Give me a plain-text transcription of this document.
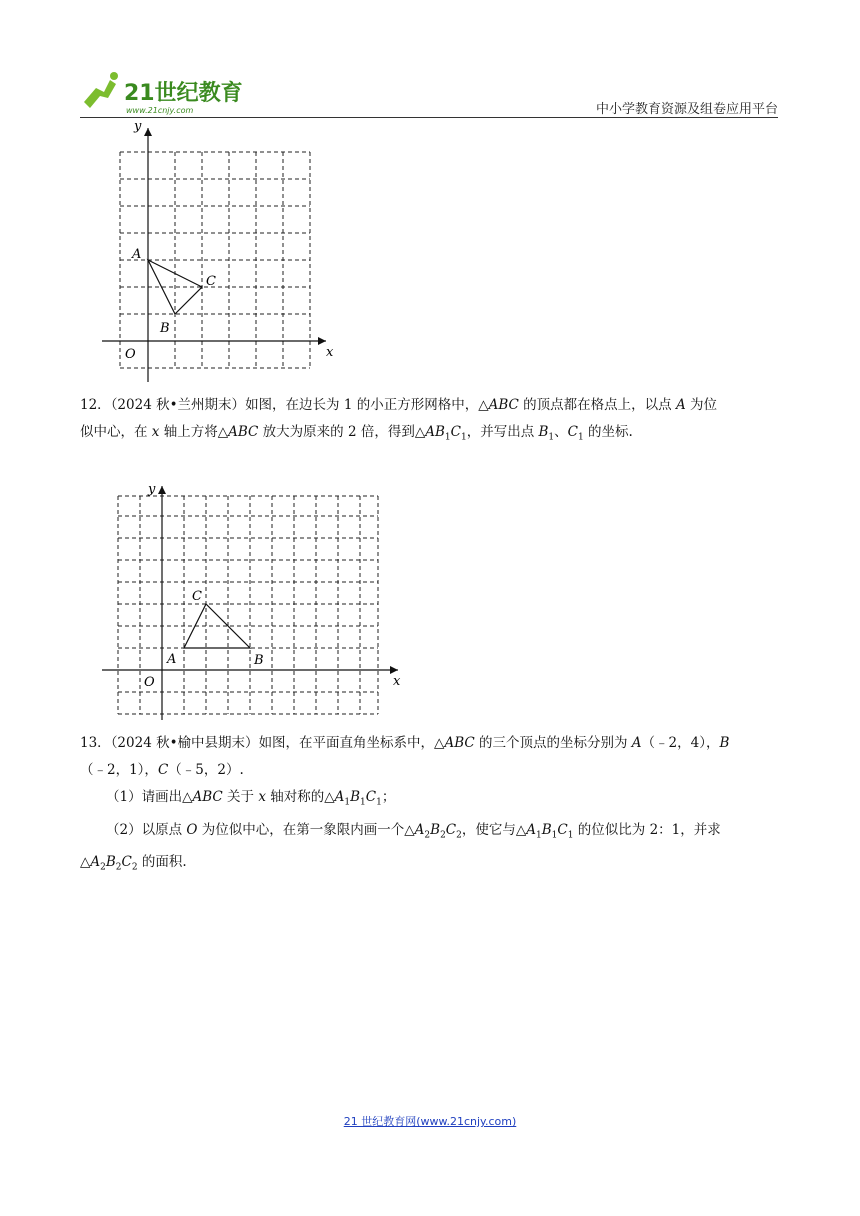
21世纪教育
www.21cnjy.com	中小学教育资源及组卷应用平台
x
y
O
A
B
C

12．（2024 秋•兰州期末）如图，在边长为 1 的小正方形网格中，△ABC 的顶点都在格点上，以点 A 为位

似中心，在 x 轴上方将△ABC 放大为原来的 2 倍，得到$\triangle AB_1C_1$，并写出点 $B_1$、$C_1$ 的坐标.

x
y
O
A	B
C

13．（2024 秋•榆中县期末）如图，在平面直角坐标系中，△ABC 的三个顶点的坐标分别为 A（﹣2，4），B

（﹣2，1），C（﹣5，2）.

（1）请画出△ABC 关于 x 轴对称的$\triangle A_1B_1C_1$；

（2）以原点 O 为位似中心，在第一象限内画一个$\triangle A_2B_2C_2$，使它与$\triangle A_1B_1C_1$ 的位似比为 2：1，并求

$\triangle A_2B_2C_2$ 的面积.

21 世纪教育网(www.21cnjy.com)
